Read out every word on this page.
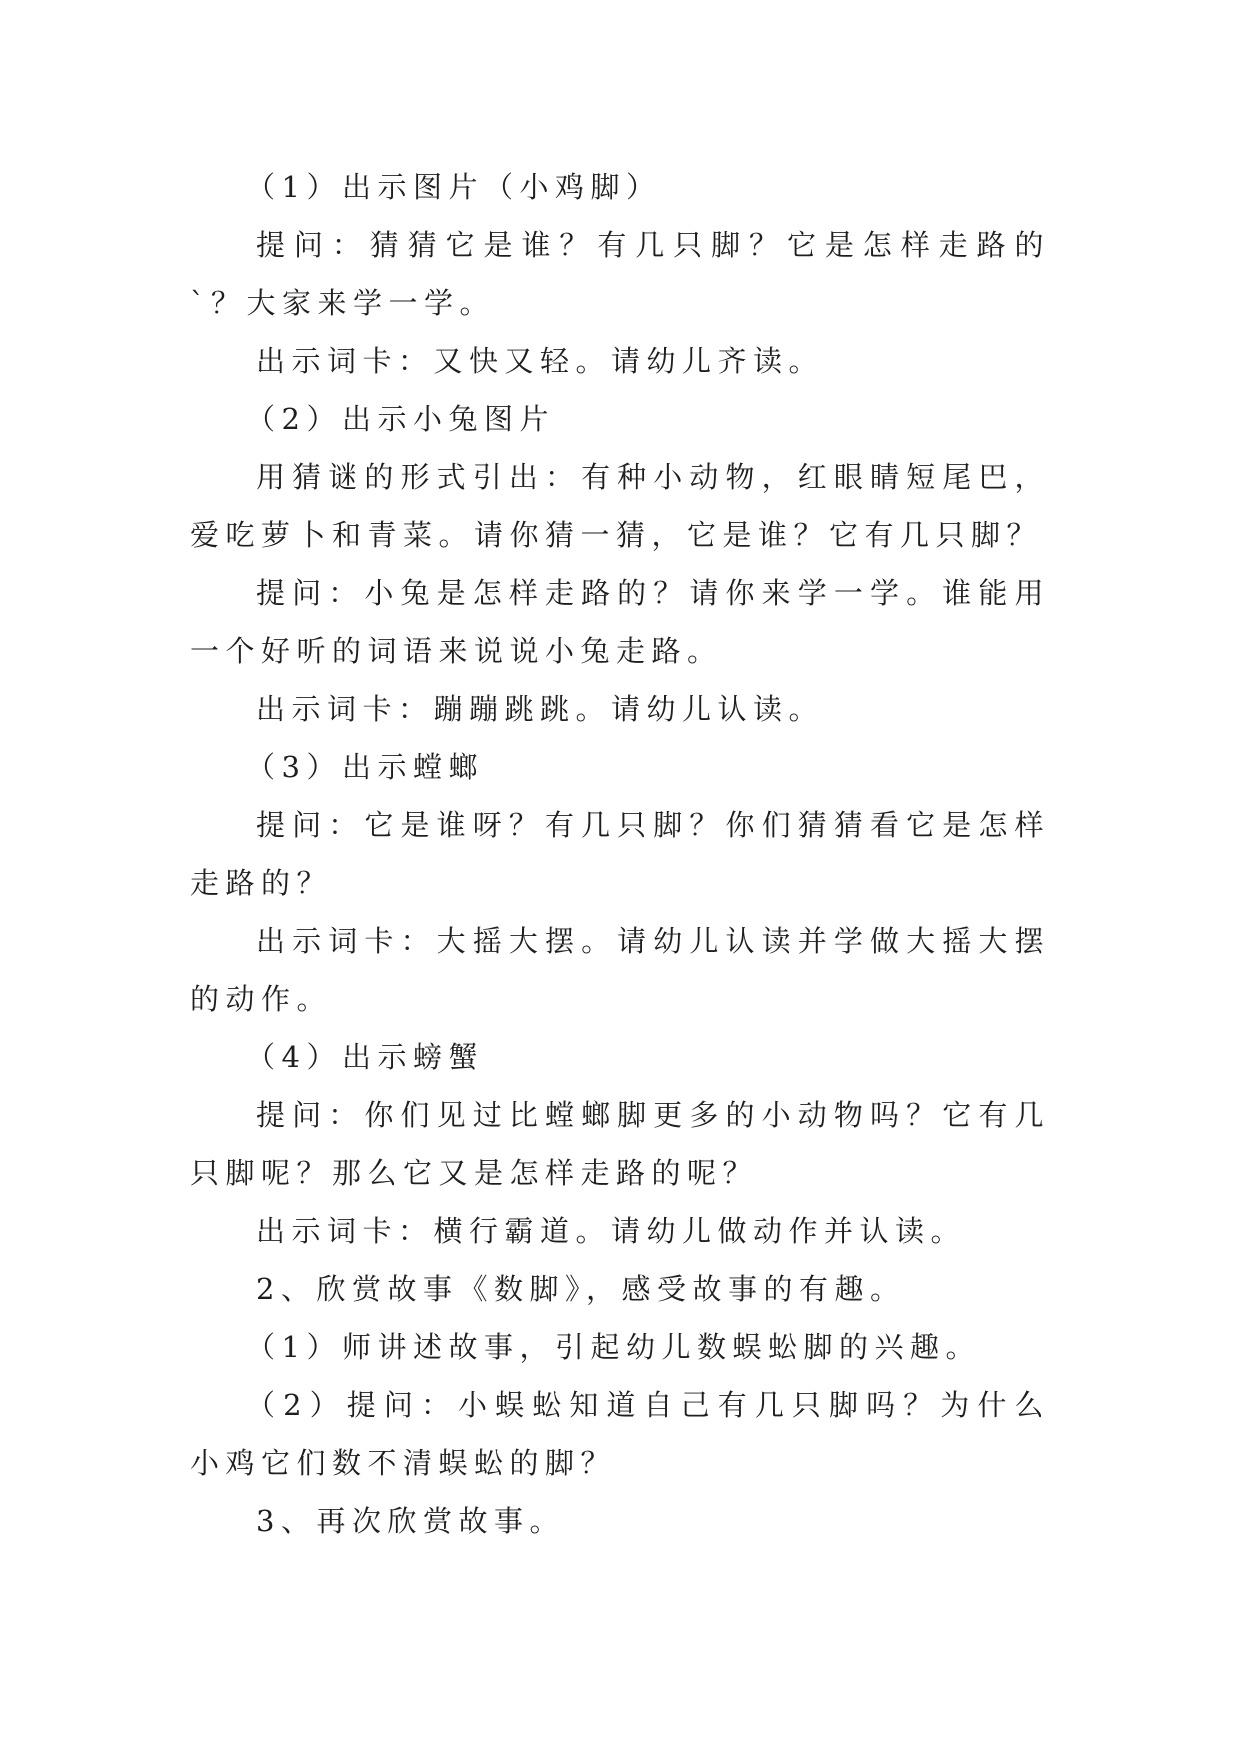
（1）出示图片（小鸡脚）

提问：猜猜它是谁？有几只脚？它是怎样走路的`？大家来学一学。

出示词卡：又快又轻。请幼儿齐读。

（2）出示小兔图片

用猜谜的形式引出：有种小动物，红眼睛短尾巴，爱吃萝卜和青菜。请你猜一猜，它是谁？它有几只脚？

提问：小兔是怎样走路的？请你来学一学。谁能用一个好听的词语来说说小兔走路。

出示词卡：蹦蹦跳跳。请幼儿认读。

（3）出示螳螂

提问：它是谁呀？有几只脚？你们猜猜看它是怎样走路的？

出示词卡：大摇大摆。请幼儿认读并学做大摇大摆的动作。

（4）出示螃蟹

提问：你们见过比螳螂脚更多的小动物吗？它有几只脚呢？那么它又是怎样走路的呢？

出示词卡：横行霸道。请幼儿做动作并认读。

2、欣赏故事《数脚》，感受故事的有趣。

（1）师讲述故事，引起幼儿数蜈蚣脚的兴趣。

（2）提问：小蜈蚣知道自己有几只脚吗？为什么小鸡它们数不清蜈蚣的脚？

3、再次欣赏故事。
